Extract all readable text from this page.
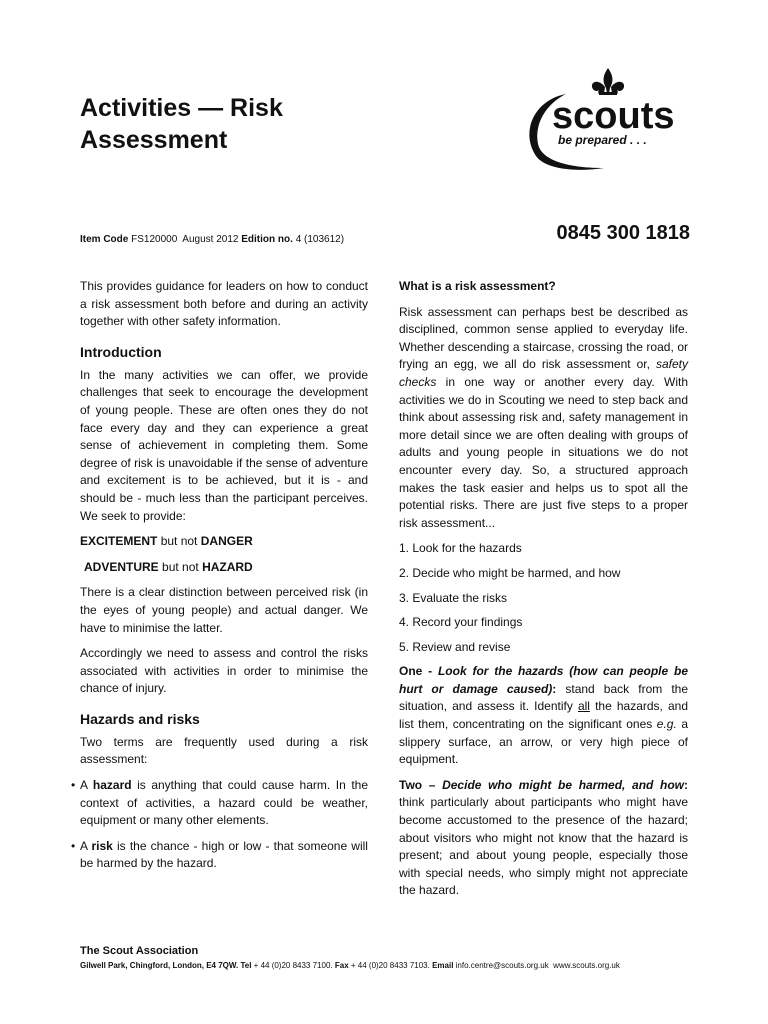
Activities — Risk
Assessment
scouts
be prepared . . .
Item Code FS120000 August 2012 Edition no. 4 (103612)	0845 300 1818

This provides guidance for leaders on how to conduct a risk assessment both before and during an activity together with other safety information.

Introduction

In the many activities we can offer, we provide challenges that seek to encourage the development of young people. These are often ones they do not face every day and they can experience a great sense of achievement in completing them. Some degree of risk is unavoidable if the sense of adventure and excitement is to be achieved, but it is - and should be - much less than the participant perceives. We seek to provide:

EXCITEMENT but not DANGER

ADVENTURE but not HAZARD

There is a clear distinction between perceived risk (in the eyes of young people) and actual danger. We have to minimise the latter.

Accordingly we need to assess and control the risks associated with activities in order to minimise the chance of injury.

Hazards and risks

Two terms are frequently used during a risk assessment:

• A hazard is anything that could cause harm. In the context of activities, a hazard could be weather, equipment or many other elements.
• A risk is the chance - high or low - that someone will be harmed by the hazard.
What is a risk assessment?

Risk assessment can perhaps best be described as disciplined, common sense applied to everyday life. Whether descending a staircase, crossing the road, or frying an egg, we all do risk assessment or, safety checks in one way or another every day. With activities we do in Scouting we need to step back and think about assessing risk and, safety management in more detail since we are often dealing with groups of adults and young people in situations we do not encounter every day. So, a structured approach makes the task easier and helps us to spot all the potential risks. There are just five steps to a proper risk assessment...

1. Look for the hazards

2. Decide who might be harmed, and how

3. Evaluate the risks

4. Record your findings

5. Review and revise

One - Look for the hazards (how can people be hurt or damage caused): stand back from the situation, and assess it. Identify all the hazards, and list them, concentrating on the significant ones e.g. a slippery surface, an arrow, or very high piece of equipment.

Two – Decide who might be harmed, and how: think particularly about participants who might have become accustomed to the presence of the hazard; about visitors who might not know that the hazard is present; and about young people, especially those with special needs, who simply might not appreciate the hazard.

The Scout Association
Gilwell Park, Chingford, London, E4 7QW. Tel + 44 (0)20 8433 7100. Fax + 44 (0)20 8433 7103. Email info.centre@scouts.org.uk www.scouts.org.uk
